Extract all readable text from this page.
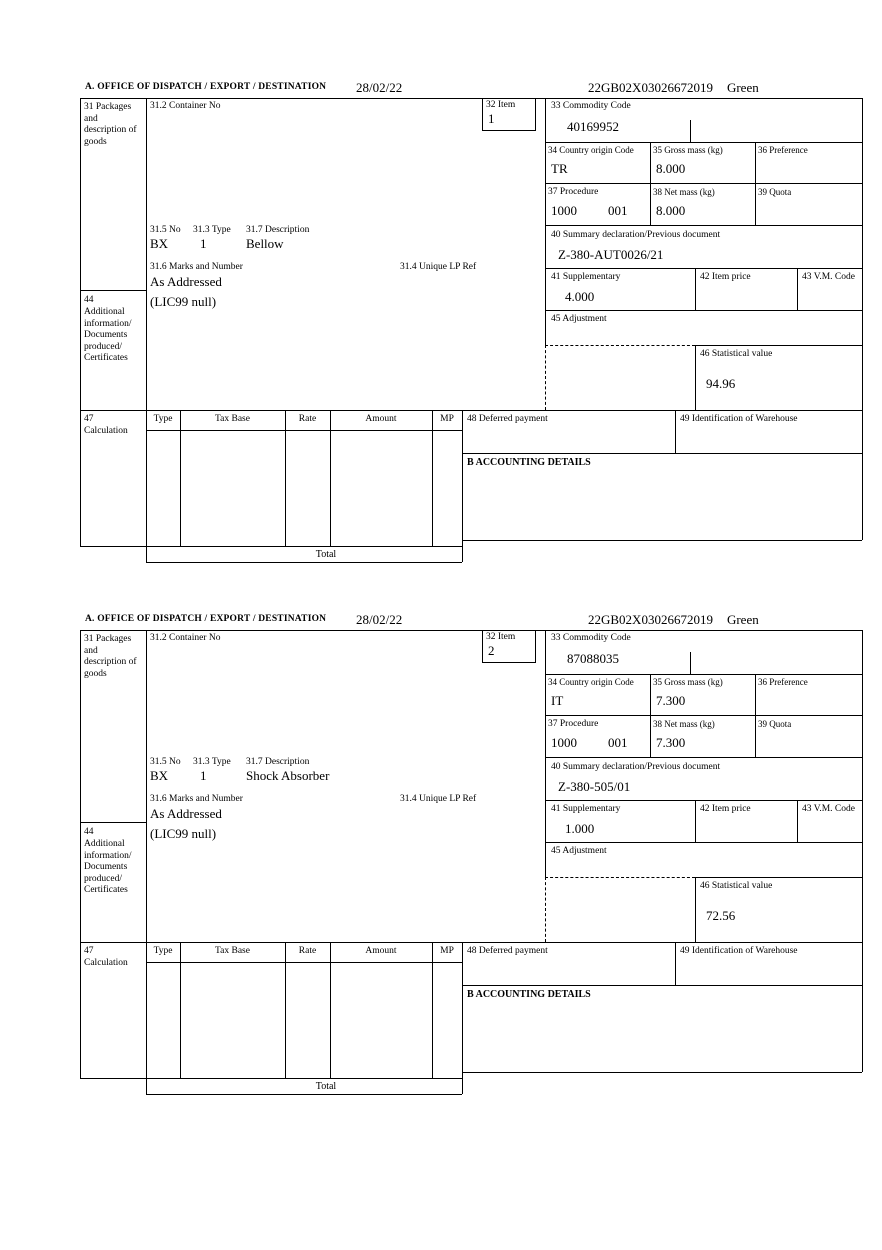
A. OFFICE OF DISPATCH / EXPORT / DESTINATION 28/02/22	22GB02X03026672019 Green
31 Packages and description of goods
44
Additional information/ Documents produced/ Certificates
47
Calculation
31.2 Container No	32 Item
1
31.5 No 31.3 Type 31.7 Description
BX 1	Bellow
31.6 Marks and Number	31.4 Unique LP Ref
As Addressed
(LIC99 null)
33 Commodity Code
40169952
34 Country origin Code
TR
35 Gross mass (kg)
8.000
36 Preference
37 Procedure
1000 001
38 Net mass (kg)
8.000
39 Quota
40 Summary declaration/Previous document
Z-380-AUT0026/21
41 Supplementary
4.000
42 Item price	43 V.M. Code
45 Adjustment
46 Statistical value
94.96
Type	Tax Base	Rate	Amount	MP	48 Deferred payment	49 Identification of Warehouse
B ACCOUNTING DETAILS
Total
A. OFFICE OF DISPATCH / EXPORT / DESTINATION 28/02/22	22GB02X03026672019 Green
31 Packages and description of goods
44
Additional information/ Documents produced/ Certificates
47
Calculation
31.2 Container No	32 Item
2
31.5 No 31.3 Type 31.7 Description
BX 1	Shock Absorber
31.6 Marks and Number	31.4 Unique LP Ref
As Addressed
(LIC99 null)
33 Commodity Code
87088035
34 Country origin Code
IT
35 Gross mass (kg)
7.300
36 Preference
37 Procedure
1000 001
38 Net mass (kg)
7.300
39 Quota
40 Summary declaration/Previous document
Z-380-505/01
41 Supplementary
1.000
42 Item price	43 V.M. Code
45 Adjustment
46 Statistical value
72.56
Type	Tax Base	Rate	Amount	MP	48 Deferred payment	49 Identification of Warehouse
B ACCOUNTING DETAILS
Total
